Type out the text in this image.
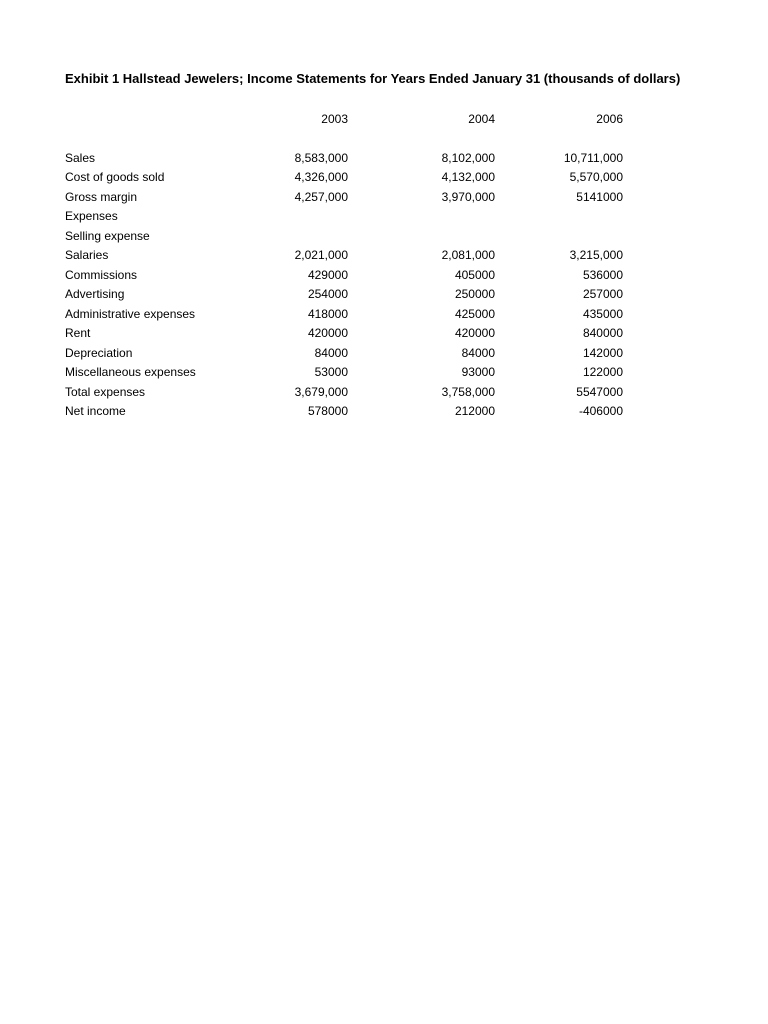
Exhibit 1 Hallstead Jewelers; Income Statements for Years Ended January 31 (thousands of dollars)
2003	2004	2006
Sales	8,583,000	8,102,000	10,711,000
Cost of goods sold	4,326,000	4,132,000	5,570,000
Gross margin	4,257,000	3,970,000	5141000
Expenses
Selling expense
Salaries	2,021,000	2,081,000	3,215,000
Commissions	429000	405000	536000
Advertising	254000	250000	257000
Administrative expenses	418000	425000	435000
Rent	420000	420000	840000
Depreciation	84000	84000	142000
Miscellaneous expenses	53000	93000	122000
Total expenses	3,679,000	3,758,000	5547000
Net income	578000	212000	-406000
